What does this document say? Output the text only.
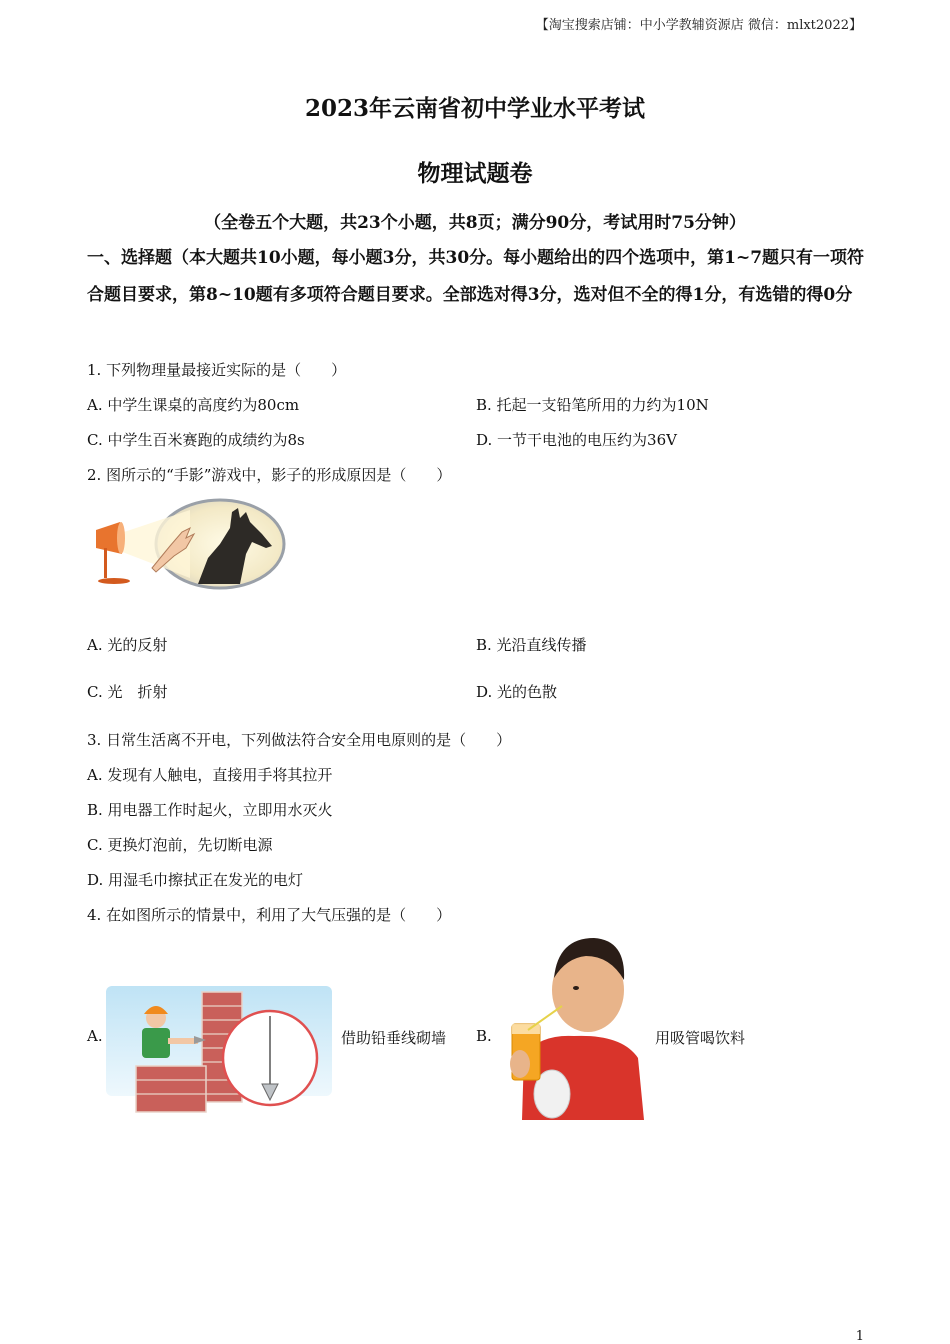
【淘宝搜索店铺：中小学教辅资源店 微信：mlxt2022】
2023年云南省初中学业水平考试
物理试题卷
（全卷五个大题，共23个小题，共8页；满分90分，考试用时75分钟）
一、选择题（本大题共10小题，每小题3分，共30分。每小题给出的四个选项中，第1~7题只有一项符合题目要求，第8~10题有多项符合题目要求。全部选对得3分，选对但不全的得1分，有选错的得0分
1. 下列物理量最接近实际的是（　　）
A. 中学生课桌的高度约为80cm	B. 托起一支铅笔所用的力约为10N
C. 中学生百米赛跑的成绩约为8s	D. 一节干电池的电压约为36V
2. 图所示的“手影”游戏中，影子的形成原因是（　　）
A. 光的反射	B. 光沿直线传播
C. 光　折射	D. 光的色散
3. 日常生活离不开电，下列做法符合安全用电原则的是（　　）
A. 发现有人触电，直接用手将其拉开
B. 用电器工作时起火，立即用水灭火
C. 更换灯泡前，先切断电源
D. 用湿毛巾擦拭正在发光的电灯
4. 在如图所示的情景中，利用了大气压强的是（　　）
A.	借助铅垂线砌墙 B.	用吸管喝饮料
1
